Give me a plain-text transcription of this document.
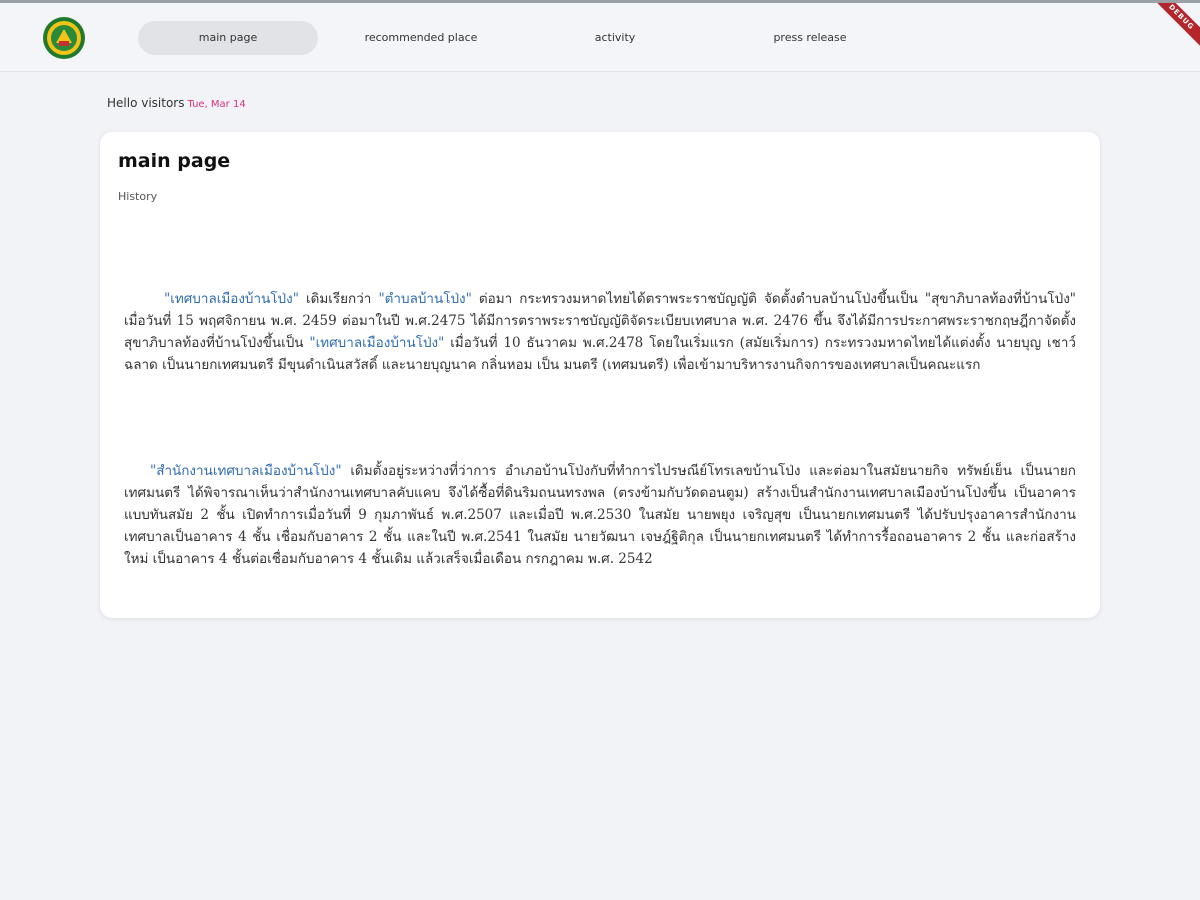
main page	recommended place	activity	press release
DEBUG
Hello visitors Tue, Mar 14
main page
History

"เทศบาลเมืองบ้านโป่ง" เดิมเรียกว่า "ตำบลบ้านโป่ง" ต่อมา กระทรวงมหาดไทยได้ตราพระราชบัญญัติ จัดตั้งตำบลบ้านโป่งขึ้นเป็น "สุขาภิบาลท้องที่บ้านโป่ง" เมื่อวันที่ 15 พฤศจิกายน พ.ศ. 2459 ต่อมาในปี พ.ศ.2475 ได้มีการตราพระราชบัญญัติจัดระเบียบเทศบาล พ.ศ. 2476 ขึ้น จึงได้มีการประกาศพระราชกฤษฎีกาจัดตั้ง สุขาภิบาลท้องที่บ้านโป่งขึ้นเป็น "เทศบาลเมืองบ้านโป่ง" เมื่อวันที่ 10 ธันวาคม พ.ศ.2478 โดยในเริ่มแรก (สมัยเริ่มการ) กระทรวงมหาดไทยได้แต่งตั้ง นายบุญ เชาว์ฉลาด เป็นนายกเทศมนตรี มีขุนดำเนินสวัสดิ์ และนายบุญนาค กลิ่นหอม เป็น มนตรี (เทศมนตรี) เพื่อเข้ามาบริหารงานกิจการของเทศบาลเป็นคณะแรก

"สำนักงานเทศบาลเมืองบ้านโป่ง" เดิมตั้งอยู่ระหว่างที่ว่าการ อำเภอบ้านโป่งกับที่ทำการไปรษณีย์โทรเลขบ้านโป่ง และต่อมาในสมัยนายกิจ ทรัพย์เย็น เป็นนายกเทศมนตรี ได้พิจารณาเห็นว่าสำนักงานเทศบาลคับแคบ จึงได้ซื้อที่ดินริมถนนทรงพล (ตรงข้ามกับวัดดอนตูม) สร้างเป็นสำนักงานเทศบาลเมืองบ้านโป่งขึ้น เป็นอาคารแบบทันสมัย 2 ชั้น เปิดทำการเมื่อวันที่ 9 กุมภาพันธ์ พ.ศ.2507 และเมื่อปี พ.ศ.2530 ในสมัย นายพยุง เจริญสุข เป็นนายกเทศมนตรี ได้ปรับปรุงอาคารสำนักงานเทศบาลเป็นอาคาร 4 ชั้น เชื่อมกับอาคาร 2 ชั้น และในปี พ.ศ.2541 ในสมัย นายวัฒนา เจษฎ์ฐิติกุล เป็นนายกเทศมนตรี ได้ทำการรื้อถอนอาคาร 2 ชั้น และก่อสร้างใหม่ เป็นอาคาร 4 ชั้นต่อเชื่อมกับอาคาร 4 ชั้นเดิม แล้วเสร็จเมื่อเดือน กรกฎาคม พ.ศ. 2542
